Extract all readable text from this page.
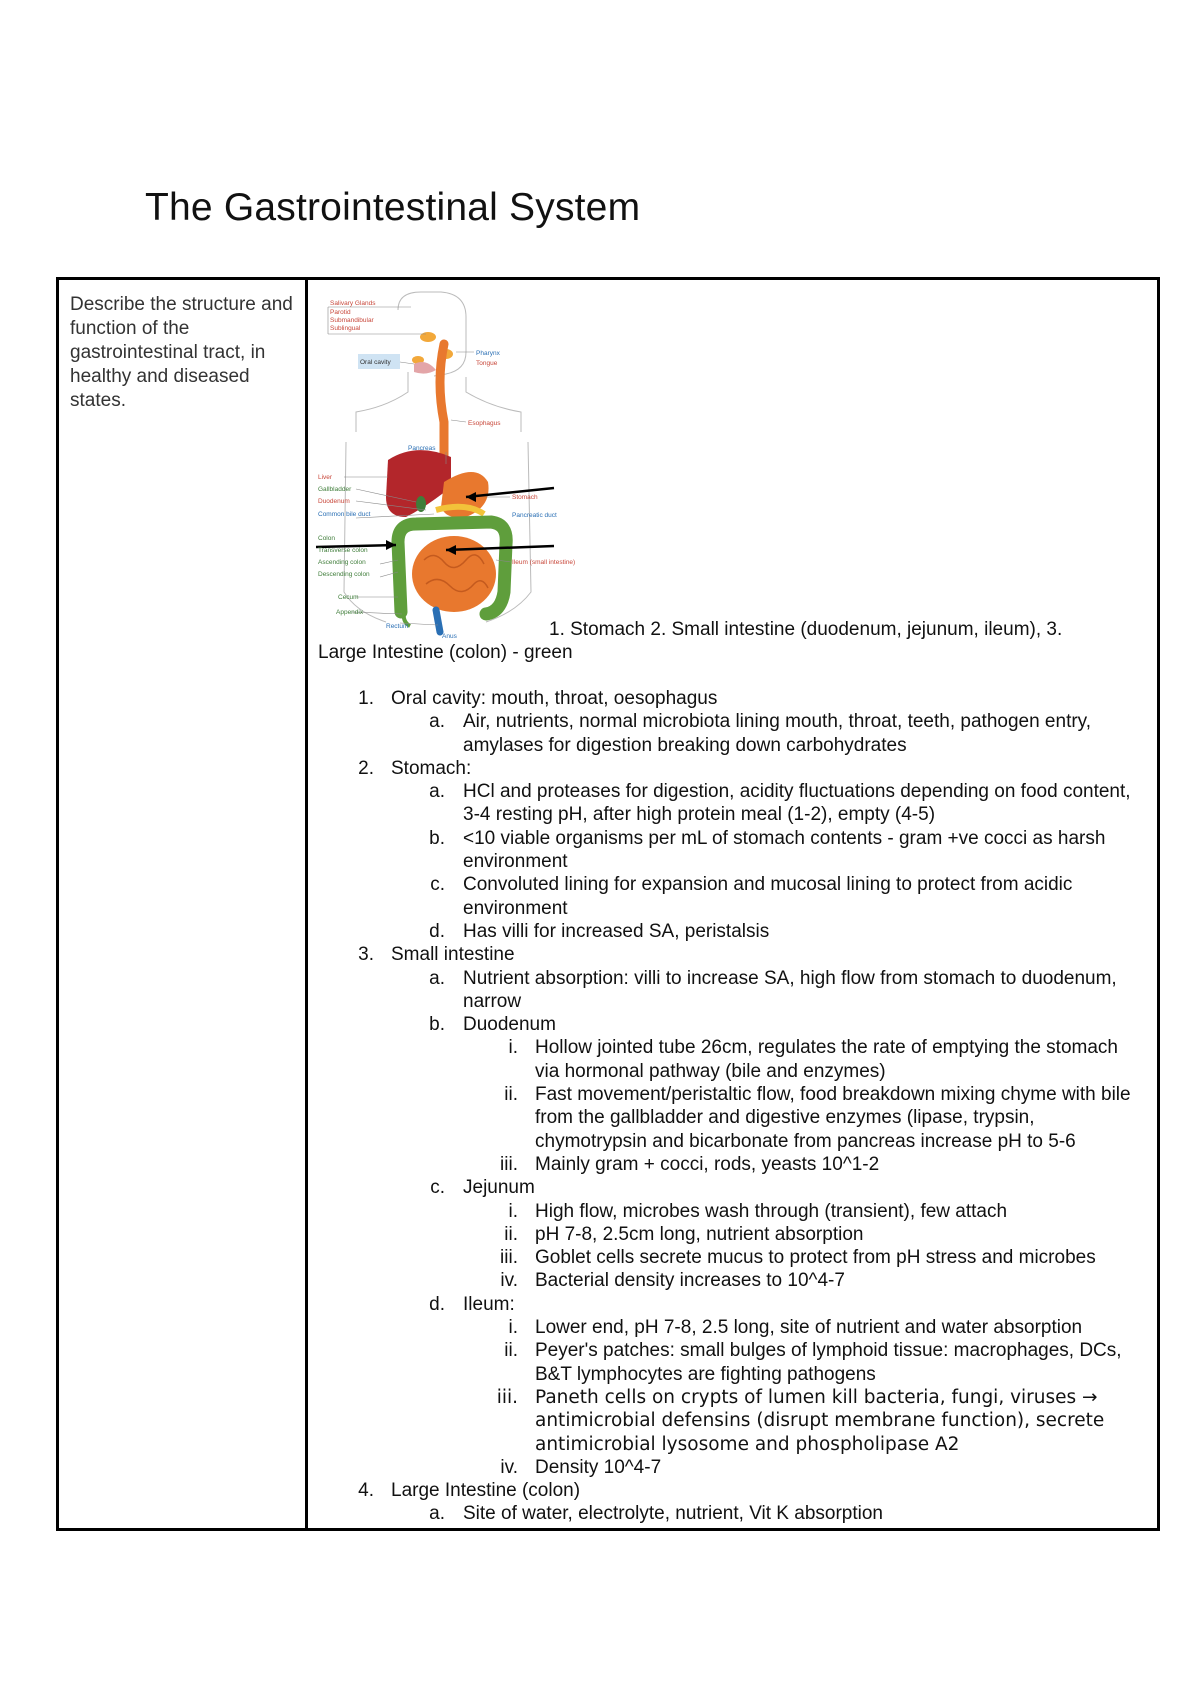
The Gastrointestinal System
Describe the structure and function of the gastrointestinal tract, in healthy and diseased states.
Salivary Glands
Parotid
Submandibular
Sublingual
Oral cavity
Pharynx
Tongue
Esophagus
Pancreas
Liver
Gallbladder
Duodenum
Common bile duct
Stomach
Pancreatic duct
Colon
Transverse colon
Ascending colon
Descending colon
Ileum (small intestine)
Cecum
Appendix
Rectum
Anus	1. Stomach 2. Small intestine (duodenum, jejunum, ileum), 3.
Large Intestine (colon) - green
1. Oral cavity: mouth, throat, oesophagus
a. Air, nutrients, normal microbiota lining mouth, throat, teeth, pathogen entry, amylases for digestion breaking down carbohydrates
2. Stomach:
a. HCl and proteases for digestion, acidity fluctuations depending on food content, 3-4 resting pH, after high protein meal (1-2), empty (4-5)
b. <10 viable organisms per mL of stomach contents - gram +ve cocci as harsh environment
c. Convoluted lining for expansion and mucosal lining to protect from acidic environment
d. Has villi for increased SA, peristalsis
3. Small intestine
a. Nutrient absorption: villi to increase SA, high flow from stomach to duodenum, narrow
b. Duodenum
i. Hollow jointed tube 26cm, regulates the rate of emptying the stomach via hormonal pathway (bile and enzymes)
ii. Fast movement/peristaltic flow, food breakdown mixing chyme with bile from the gallbladder and digestive enzymes (lipase, trypsin, chymotrypsin and bicarbonate from pancreas increase pH to 5-6
iii. Mainly gram + cocci, rods, yeasts 10^1-2
c. Jejunum
i. High flow, microbes wash through (transient), few attach
ii. pH 7-8, 2.5cm long, nutrient absorption
iii. Goblet cells secrete mucus to protect from pH stress and microbes
iv. Bacterial density increases to 10^4-7
d. Ileum:
i. Lower end, pH 7-8, 2.5 long, site of nutrient and water absorption
ii. Peyer's patches: small bulges of lymphoid tissue: macrophages, DCs, B&T lymphocytes are fighting pathogens
iii. Paneth cells on crypts of lumen kill bacteria, fungi, viruses → antimicrobial defensins (disrupt membrane function), secrete antimicrobial lysosome and phospholipase A2
iv. Density 10^4-7
4. Large Intestine (colon)
a. Site of water, electrolyte, nutrient, Vit K absorption
